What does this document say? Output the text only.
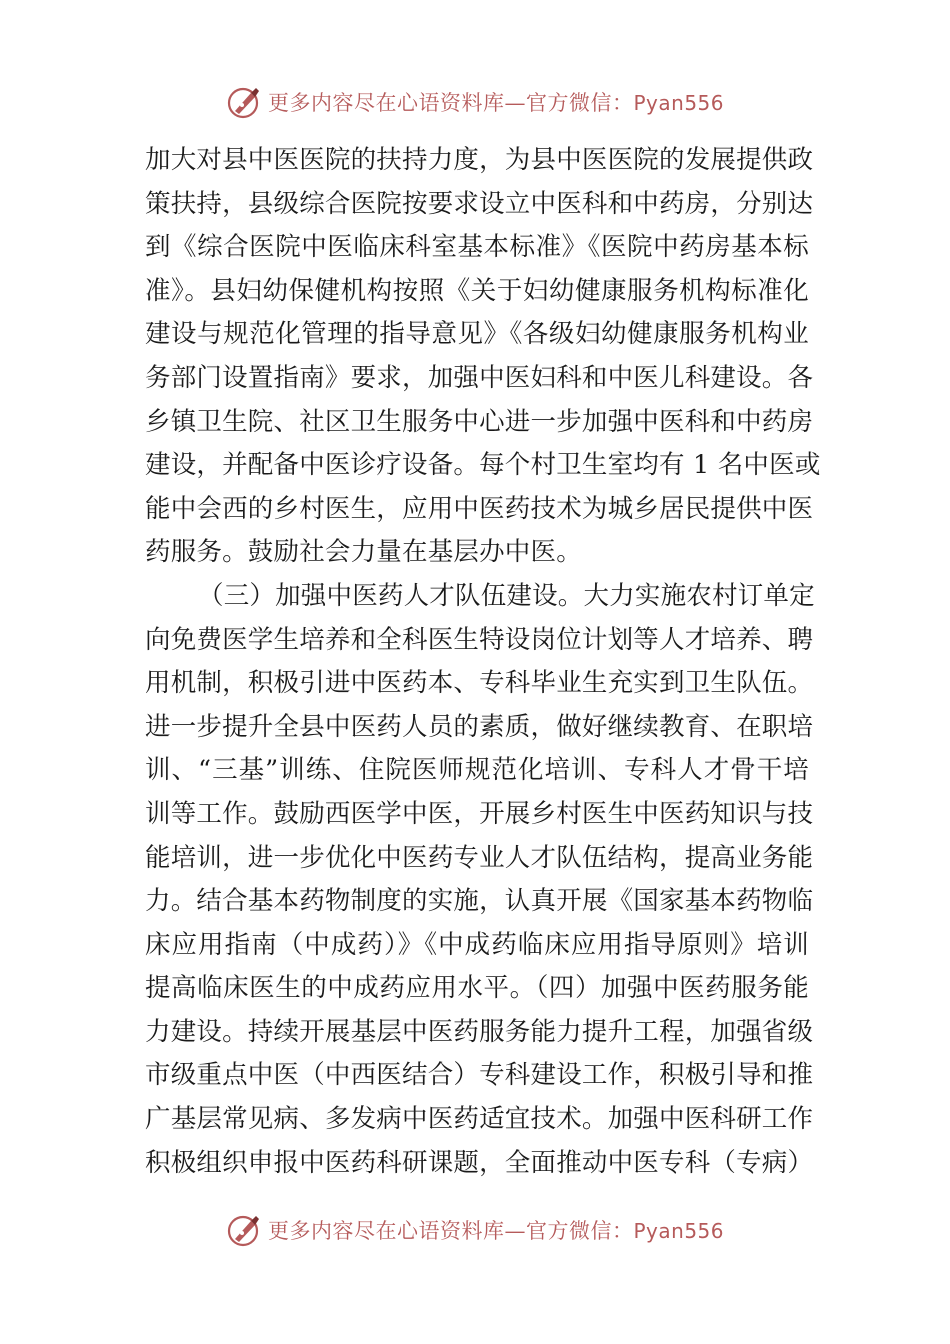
更多内容尽在心语资料库—官方微信：Pyan556
加大对县中医医院的扶持力度，为县中医医院的发展提供政
策扶持，县级综合医院按要求设立中医科和中药房，分别达
到《综合医院中医临床科室基本标准》《医院中药房基本标
准》。县妇幼保健机构按照《关于妇幼健康服务机构标准化
建设与规范化管理的指导意见》《各级妇幼健康服务机构业
务部门设置指南》要求，加强中医妇科和中医儿科建设。各
乡镇卫生院、社区卫生服务中心进一步加强中医科和中药房
建设，并配备中医诊疗设备。每个村卫生室均有 1 名中医或
能中会西的乡村医生，应用中医药技术为城乡居民提供中医
药服务。鼓励社会力量在基层办中医。
（三）加强中医药人才队伍建设。大力实施农村订单定
向免费医学生培养和全科医生特设岗位计划等人才培养、聘
用机制，积极引进中医药本、专科毕业生充实到卫生队伍。
进一步提升全县中医药人员的素质，做好继续教育、在职培
训、“三基”训练、住院医师规范化培训、专科人才骨干培
训等工作。鼓励西医学中医，开展乡村医生中医药知识与技
能培训，进一步优化中医药专业人才队伍结构，提高业务能
力。结合基本药物制度的实施，认真开展《国家基本药物临
床应用指南（中成药）》《中成药临床应用指导原则》培训
提高临床医生的中成药应用水平。（四）加强中医药服务能
力建设。持续开展基层中医药服务能力提升工程，加强省级
市级重点中医（中西医结合）专科建设工作，积极引导和推
广基层常见病、多发病中医药适宜技术。加强中医科研工作
积极组织申报中医药科研课题，全面推动中医专科（专病）
更多内容尽在心语资料库—官方微信：Pyan556
